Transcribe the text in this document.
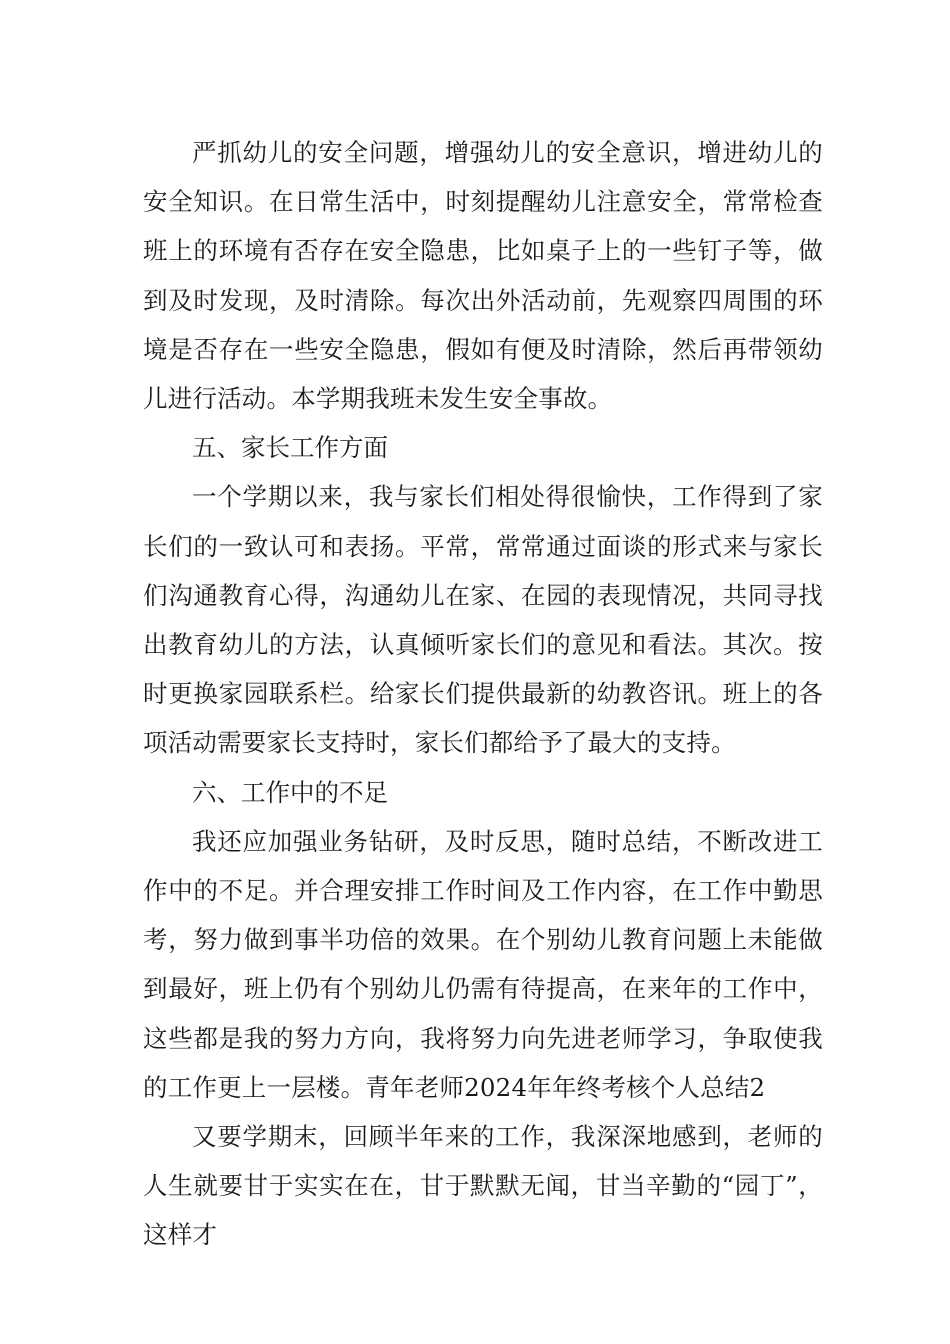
严抓幼儿的安全问题，增强幼儿的安全意识，增进幼儿的安全知识。在日常生活中，时刻提醒幼儿注意安全，常常检查班上的环境有否存在安全隐患，比如桌子上的一些钉子等，做到及时发现，及时清除。每次出外活动前，先观察四周围的环境是否存在一些安全隐患，假如有便及时清除，然后再带领幼儿进行活动。本学期我班未发生安全事故。

五、家长工作方面

一个学期以来，我与家长们相处得很愉快，工作得到了家长们的一致认可和表扬。平常，常常通过面谈的形式来与家长们沟通教育心得，沟通幼儿在家、在园的表现情况，共同寻找出教育幼儿的方法，认真倾听家长们的意见和看法。其次。按时更换家园联系栏。给家长们提供最新的幼教咨讯。班上的各项活动需要家长支持时，家长们都给予了最大的支持。

六、工作中的不足

我还应加强业务钻研，及时反思，随时总结，不断改进工作中的不足。并合理安排工作时间及工作内容，在工作中勤思考，努力做到事半功倍的效果。在个别幼儿教育问题上未能做到最好，班上仍有个别幼儿仍需有待提高，在来年的工作中，这些都是我的努力方向，我将努力向先进老师学习，争取使我的工作更上一层楼。青年老师2024年年终考核个人总结2

又要学期末，回顾半年来的工作，我深深地感到，老师的人生就要甘于实实在在，甘于默默无闻，甘当辛勤的“园丁”，这样才
